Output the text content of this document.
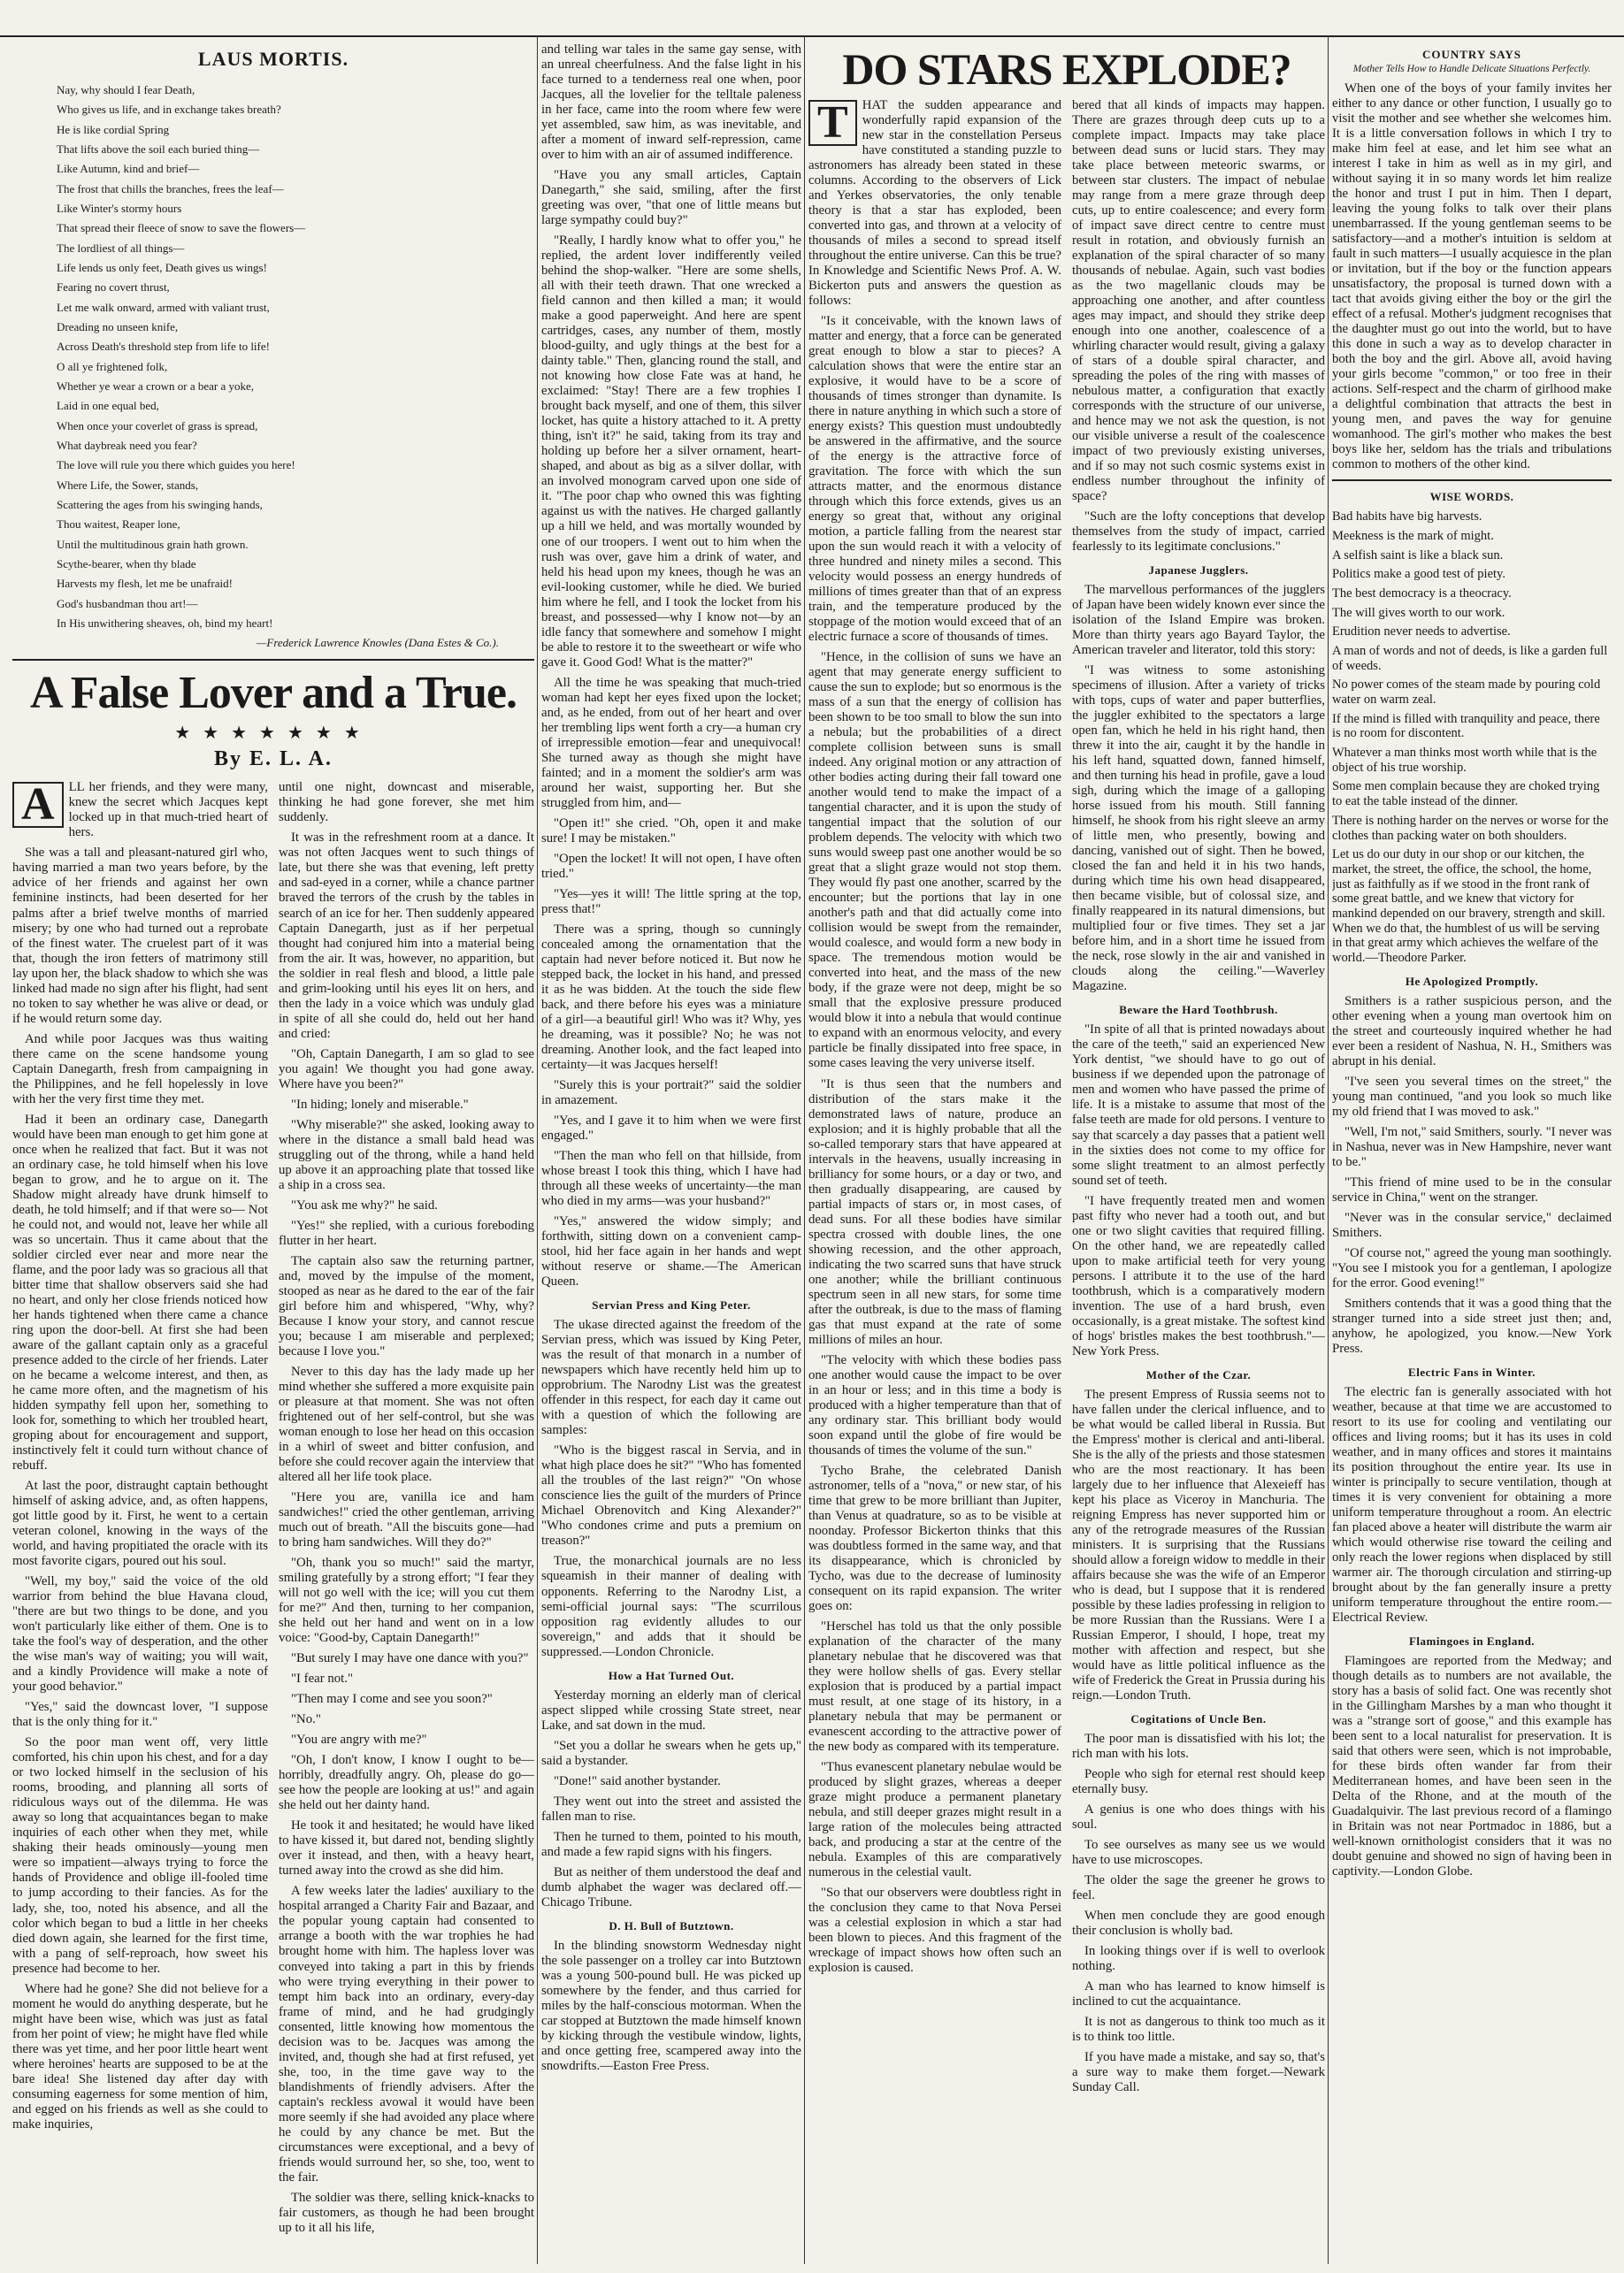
LAUS MORTIS.

Nay, why should I fear Death,

Who gives us life, and in exchange takes breath?

He is like cordial Spring

That lifts above the soil each buried thing—

Like Autumn, kind and brief—

The frost that chills the branches, frees the leaf—

Like Winter's stormy hours

That spread their fleece of snow to save the flowers—

The lordliest of all things—

Life lends us only feet, Death gives us wings!

Fearing no covert thrust,

Let me walk onward, armed with valiant trust,

Dreading no unseen knife,

Across Death's threshold step from life to life!

O all ye frightened folk,

Whether ye wear a crown or a bear a yoke,

Laid in one equal bed,

When once your coverlet of grass is spread,

What daybreak need you fear?

The love will rule you there which guides you here!

Where Life, the Sower, stands,

Scattering the ages from his swinging hands,

Thou waitest, Reaper lone,

Until the multitudinous grain hath grown.

Scythe-bearer, when thy blade

Harvests my flesh, let me be unafraid!

God's husbandman thou art!—

In His unwithering sheaves, oh, bind my heart!

—Frederick Lawrence Knowles (Dana Estes & Co.).
A False Lover and a True.
★★★★★★★
By E. L. A.
A	LL her friends, and they were many, knew the secret which Jacques kept locked up in that much-tried heart of hers.

She was a tall and pleasant-natured girl who, having married a man two years before, by the advice of her friends and against her own feminine instincts, had been deserted for her palms after a brief twelve months of married misery; by one who had turned out a reprobate of the finest water. The cruelest part of it was that, though the iron fetters of matrimony still lay upon her, the black shadow to which she was linked had made no sign after his flight, had sent no token to say whether he was alive or dead, or if he would return some day.

And while poor Jacques was thus waiting there came on the scene handsome young Captain Danegarth, fresh from campaigning in the Philippines, and he fell hopelessly in love with her the very first time they met.

Had it been an ordinary case, Danegarth would have been man enough to get him gone at once when he realized that fact. But it was not an ordinary case, he told himself when his love began to grow, and he to argue on it. The Shadow might already have drunk himself to death, he told himself; and if that were so— Not he could not, and would not, leave her while all was so uncertain. Thus it came about that the soldier circled ever near and more near the flame, and the poor lady was so gracious all that bitter time that shallow observers said she had no heart, and only her close friends noticed how her hands tightened when there came a chance ring upon the door-bell. At first she had been aware of the gallant captain only as a graceful presence added to the circle of her friends. Later on he became a welcome interest, and then, as he came more often, and the magnetism of his hidden sympathy fell upon her, something to look for, something to which her troubled heart, groping about for encouragement and support, instinctively felt it could turn without chance of rebuff.

At last the poor, distraught captain bethought himself of asking advice, and, as often happens, got little good by it. First, he went to a certain veteran colonel, knowing in the ways of the world, and having propitiated the oracle with its most favorite cigars, poured out his soul.

"Well, my boy," said the voice of the old warrior from behind the blue Havana cloud, "there are but two things to be done, and you won't particularly like either of them. One is to take the fool's way of desperation, and the other the wise man's way of waiting; you will wait, and a kindly Providence will make a note of your good behavior."

"Yes," said the downcast lover, "I suppose that is the only thing for it."

So the poor man went off, very little comforted, his chin upon his chest, and for a day or two locked himself in the seclusion of his rooms, brooding, and planning all sorts of ridiculous ways out of the dilemma. He was away so long that acquaintances began to make inquiries of each other when they met, while shaking their heads ominously—young men were so impatient—always trying to force the hands of Providence and oblige ill-fooled time to jump according to their fancies. As for the lady, she, too, noted his absence, and all the color which began to bud a little in her cheeks died down again, she learned for the first time, with a pang of self-reproach, how sweet his presence had become to her.

Where had he gone? She did not believe for a moment he would do anything desperate, but he might have been wise, which was just as fatal from her point of view; he might have fled while there was yet time, and her poor little heart went where heroines' hearts are supposed to be at the bare idea! She listened day after day with consuming eagerness for some mention of him, and egged on his friends as well as she could to make inquiries,

until one night, downcast and miserable, thinking he had gone forever, she met him suddenly.

It was in the refreshment room at a dance. It was not often Jacques went to such things of late, but there she was that evening, left pretty and sad-eyed in a corner, while a chance partner braved the terrors of the crush by the tables in search of an ice for her. Then suddenly appeared Captain Danegarth, just as if her perpetual thought had conjured him into a material being from the air. It was, however, no apparition, but the soldier in real flesh and blood, a little pale and grim-looking until his eyes lit on hers, and then the lady in a voice which was unduly glad in spite of all she could do, held out her hand and cried:

"Oh, Captain Danegarth, I am so glad to see you again! We thought you had gone away. Where have you been?"

"In hiding; lonely and miserable."

"Why miserable?" she asked, looking away to where in the distance a small bald head was struggling out of the throng, while a hand held up above it an approaching plate that tossed like a ship in a cross sea.

"You ask me why?" he said.

"Yes!" she replied, with a curious foreboding flutter in her heart.

The captain also saw the returning partner, and, moved by the impulse of the moment, stooped as near as he dared to the ear of the fair girl before him and whispered, "Why, why? Because I know your story, and cannot rescue you; because I am miserable and perplexed; because I love you."

Never to this day has the lady made up her mind whether she suffered a more exquisite pain or pleasure at that moment. She was not often frightened out of her self-control, but she was woman enough to lose her head on this occasion in a whirl of sweet and bitter confusion, and before she could recover again the interview that altered all her life took place.

"Here you are, vanilla ice and ham sandwiches!" cried the other gentleman, arriving much out of breath. "All the biscuits gone—had to bring ham sandwiches. Will they do?"

"Oh, thank you so much!" said the martyr, smiling gratefully by a strong effort; "I fear they will not go well with the ice; will you cut them for me?" And then, turning to her companion, she held out her hand and went on in a low voice: "Good-by, Captain Danegarth!"

"But surely I may have one dance with you?"

"I fear not."

"Then may I come and see you soon?"

"No."

"You are angry with me?"

"Oh, I don't know, I know I ought to be—horribly, dreadfully angry. Oh, please do go—see how the people are looking at us!" and again she held out her dainty hand.

He took it and hesitated; he would have liked to have kissed it, but dared not, bending slightly over it instead, and then, with a heavy heart, turned away into the crowd as she did him.

A few weeks later the ladies' auxiliary to the hospital arranged a Charity Fair and Bazaar, and the popular young captain had consented to arrange a booth with the war trophies he had brought home with him. The hapless lover was conveyed into taking a part in this by friends who were trying everything in their power to tempt him back into an ordinary, every-day frame of mind, and he had grudgingly consented, little knowing how momentous the decision was to be. Jacques was among the invited, and, though she had at first refused, yet she, too, in the time gave way to the blandishments of friendly advisers. After the captain's reckless avowal it would have been more seemly if she had avoided any place where he could by any chance be met. But the circumstances were exceptional, and a bevy of friends would surround her, so she, too, went to the fair.

The soldier was there, selling knick-knacks to fair customers, as though he had been brought up to it all his life,

and telling war tales in the same gay sense, with an unreal cheerfulness. And the false light in his face turned to a tenderness real one when, poor Jacques, all the lovelier for the telltale paleness in her face, came into the room where few were yet assembled, saw him, as was inevitable, and after a moment of inward self-repression, came over to him with an air of assumed indifference.

"Have you any small articles, Captain Danegarth," she said, smiling, after the first greeting was over, "that one of little means but large sympathy could buy?"

"Really, I hardly know what to offer you," he replied, the ardent lover indifferently veiled behind the shop-walker. "Here are some shells, all with their teeth drawn. That one wrecked a field cannon and then killed a man; it would make a good paperweight. And here are spent cartridges, cases, any number of them, mostly blood-guilty, and ugly things at the best for a dainty table." Then, glancing round the stall, and not knowing how close Fate was at hand, he exclaimed: "Stay! There are a few trophies I brought back myself, and one of them, this silver locket, has quite a history attached to it. A pretty thing, isn't it?" he said, taking from its tray and holding up before her a silver ornament, heart-shaped, and about as big as a silver dollar, with an involved monogram carved upon one side of it. "The poor chap who owned this was fighting against us with the natives. He charged gallantly up a hill we held, and was mortally wounded by one of our troopers. I went out to him when the rush was over, gave him a drink of water, and held his head upon my knees, though he was an evil-looking customer, while he died. We buried him where he fell, and I took the locket from his breast, and possessed—why I know not—by an idle fancy that somewhere and somehow I might be able to restore it to the sweetheart or wife who gave it. Good God! What is the matter?"

All the time he was speaking that much-tried woman had kept her eyes fixed upon the locket; and, as he ended, from out of her heart and over her trembling lips went forth a cry—a human cry of irrepressible emotion—fear and unequivocal! She turned away as though she might have fainted; and in a moment the soldier's arm was around her waist, supporting her. But she struggled from him, and—

"Open it!" she cried. "Oh, open it and make sure! I may be mistaken."

"Open the locket! It will not open, I have often tried."

"Yes—yes it will! The little spring at the top, press that!"

There was a spring, though so cunningly concealed among the ornamentation that the captain had never before noticed it. But now he stepped back, the locket in his hand, and pressed it as he was bidden. At the touch the side flew back, and there before his eyes was a miniature of a girl—a beautiful girl! Who was it? Why, yes he dreaming, was it possible? No; he was not dreaming. Another look, and the fact leaped into certainty—it was Jacques herself!

"Surely this is your portrait?" said the soldier in amazement.

"Yes, and I gave it to him when we were first engaged."

"Then the man who fell on that hillside, from whose breast I took this thing, which I have had through all these weeks of uncertainty—the man who died in my arms—was your husband?"

"Yes," answered the widow simply; and forthwith, sitting down on a convenient camp-stool, hid her face again in her hands and wept without reserve or shame.—The American Queen.

Servian Press and King Peter.

The ukase directed against the freedom of the Servian press, which was issued by King Peter, was the result of that monarch in a number of newspapers which have recently held him up to opprobrium. The Narodny List was the greatest offender in this respect, for each day it came out with a question of which the following are samples:

"Who is the biggest rascal in Servia, and in what high place does he sit?" "Who has fomented all the troubles of the last reign?" "On whose conscience lies the guilt of the murders of Prince Michael Obrenovitch and King Alexander?" "Who condones crime and puts a premium on treason?"

True, the monarchical journals are no less squeamish in their manner of dealing with opponents. Referring to the Narodny List, a semi-official journal says: "The scurrilous opposition rag evidently alludes to our sovereign," and adds that it should be suppressed.—London Chronicle.

How a Hat Turned Out.

Yesterday morning an elderly man of clerical aspect slipped while crossing State street, near Lake, and sat down in the mud.

"Set you a dollar he swears when he gets up," said a bystander.

"Done!" said another bystander.

They went out into the street and assisted the fallen man to rise.

Then he turned to them, pointed to his mouth, and made a few rapid signs with his fingers.

But as neither of them understood the deaf and dumb alphabet the wager was declared off.—Chicago Tribune.

D. H. Bull of Butztown.

In the blinding snowstorm Wednesday night the sole passenger on a trolley car into Butztown was a young 500-pound bull. He was picked up somewhere by the fender, and thus carried for miles by the half-conscious motorman. When the car stopped at Butztown the made himself known by kicking through the vestibule window, lights, and once getting free, scampered away into the snowdrifts.—Easton Free Press.

DO STARS EXPLODE?
T	HAT the sudden appearance and wonderfully rapid expansion of the new star in the constellation Perseus have constituted a standing puzzle to astronomers has already been stated in these columns. According to the observers of Lick and Yerkes observatories, the only tenable theory is that a star has exploded, been converted into gas, and thrown at a velocity of thousands of miles a second to spread itself throughout the entire universe. Can this be true? In Knowledge and Scientific News Prof. A. W. Bickerton puts and answers the question as follows:

"Is it conceivable, with the known laws of matter and energy, that a force can be generated great enough to blow a star to pieces? A calculation shows that were the entire star an explosive, it would have to be a score of thousands of times stronger than dynamite. Is there in nature anything in which such a store of energy exists? This question must undoubtedly be answered in the affirmative, and the source of the energy is the attractive force of gravitation. The force with which the sun attracts matter, and the enormous distance through which this force extends, gives us an energy so great that, without any original motion, a particle falling from the nearest star upon the sun would reach it with a velocity of three hundred and ninety miles a second. This velocity would possess an energy hundreds of millions of times greater than that of an express train, and the temperature produced by the stoppage of the motion would exceed that of an electric furnace a score of thousands of times.

"Hence, in the collision of suns we have an agent that may generate energy sufficient to cause the sun to explode; but so enormous is the mass of a sun that the energy of collision has been shown to be too small to blow the sun into a nebula; but the probabilities of a direct complete collision between suns is small indeed. Any original motion or any attraction of other bodies acting during their fall toward one another would tend to make the impact of a tangential character, and it is upon the study of tangential impact that the solution of our problem depends. The velocity with which two suns would sweep past one another would be so great that a slight graze would not stop them. They would fly past one another, scarred by the encounter; but the portions that lay in one another's path and that did actually come into collision would be swept from the remainder, would coalesce, and would form a new body in space. The tremendous motion would be converted into heat, and the mass of the new body, if the graze were not deep, might be so small that the explosive pressure produced would blow it into a nebula that would continue to expand with an enormous velocity, and every particle be finally dissipated into free space, in some cases leaving the very universe itself.

"It is thus seen that the numbers and distribution of the stars make it the demonstrated laws of nature, produce an explosion; and it is highly probable that all the so-called temporary stars that have appeared at intervals in the heavens, usually increasing in brilliancy for some hours, or a day or two, and then gradually disappearing, are caused by partial impacts of stars or, in most cases, of dead suns. For all these bodies have similar spectra crossed with double lines, the one showing recession, and the other approach, indicating the two scarred suns that have struck one another; while the brilliant continuous spectrum seen in all new stars, for some time after the outbreak, is due to the mass of flaming gas that must expand at the rate of some millions of miles an hour.

"The velocity with which these bodies pass one another would cause the impact to be over in an hour or less; and in this time a body is produced with a higher temperature than that of any ordinary star. This brilliant body would soon expand until the globe of fire would be thousands of times the volume of the sun."

Tycho Brahe, the celebrated Danish astronomer, tells of a "nova," or new star, of his time that grew to be more brilliant than Jupiter, than Venus at quadrature, so as to be visible at noonday. Professor Bickerton thinks that this was doubtless formed in the same way, and that its disappearance, which is chronicled by Tycho, was due to the decrease of luminosity consequent on its rapid expansion. The writer goes on:

"Herschel has told us that the only possible explanation of the character of the many planetary nebulae that he discovered was that they were hollow shells of gas. Every stellar explosion that is produced by a partial impact must result, at one stage of its history, in a planetary nebula that may be permanent or evanescent according to the attractive power of the new body as compared with its temperature.

"Thus evanescent planetary nebulae would be produced by slight grazes, whereas a deeper graze might produce a permanent planetary nebula, and still deeper grazes might result in a large ration of the molecules being attracted back, and producing a star at the centre of the nebula. Examples of this are comparatively numerous in the celestial vault.

"So that our observers were doubtless right in the conclusion they came to that Nova Persei was a celestial explosion in which a star had been blown to pieces. And this fragment of the wreckage of impact shows how often such an explosion is caused.

bered that all kinds of impacts may happen. There are grazes through deep cuts up to a complete impact. Impacts may take place between dead suns or lucid stars. They may take place between meteoric swarms, or between star clusters. The impact of nebulae may range from a mere graze through deep cuts, up to entire coalescence; and every form of impact save direct centre to centre must result in rotation, and obviously furnish an explanation of the spiral character of so many thousands of nebulae. Again, such vast bodies as the two magellanic clouds may be approaching one another, and after countless ages may impact, and should they strike deep enough into one another, coalescence of a whirling character would result, giving a galaxy of stars of a double spiral character, and spreading the poles of the ring with masses of nebulous matter, a configuration that exactly corresponds with the structure of our universe, and hence may we not ask the question, is not our visible universe a result of the coalescence impact of two previously existing universes, and if so may not such cosmic systems exist in endless number throughout the infinity of space?

"Such are the lofty conceptions that develop themselves from the study of impact, carried fearlessly to its legitimate conclusions."

Japanese Jugglers.

The marvellous performances of the jugglers of Japan have been widely known ever since the isolation of the Island Empire was broken. More than thirty years ago Bayard Taylor, the American traveler and literator, told this story:

"I was witness to some astonishing specimens of illusion. After a variety of tricks with tops, cups of water and paper butterflies, the juggler exhibited to the spectators a large open fan, which he held in his right hand, then threw it into the air, caught it by the handle in his left hand, squatted down, fanned himself, and then turning his head in profile, gave a loud sigh, during which the image of a galloping horse issued from his mouth. Still fanning himself, he shook from his right sleeve an army of little men, who presently, bowing and dancing, vanished out of sight. Then he bowed, closed the fan and held it in his two hands, during which time his own head disappeared, then became visible, but of colossal size, and finally reappeared in its natural dimensions, but multiplied four or five times. They set a jar before him, and in a short time he issued from the neck, rose slowly in the air and vanished in clouds along the ceiling."—Waverley Magazine.

Beware the Hard Toothbrush.

"In spite of all that is printed nowadays about the care of the teeth," said an experienced New York dentist, "we should have to go out of business if we depended upon the patronage of men and women who have passed the prime of life. It is a mistake to assume that most of the false teeth are made for old persons. I venture to say that scarcely a day passes that a patient well in the sixties does not come to my office for some slight treatment to an almost perfectly sound set of teeth.

"I have frequently treated men and women past fifty who never had a tooth out, and but one or two slight cavities that required filling. On the other hand, we are repeatedly called upon to make artificial teeth for very young persons. I attribute it to the use of the hard toothbrush, which is a comparatively modern invention. The use of a hard brush, even occasionally, is a great mistake. The softest kind of hogs' bristles makes the best toothbrush."—New York Press.

Mother of the Czar.

The present Empress of Russia seems not to have fallen under the clerical influence, and to be what would be called liberal in Russia. But the Empress' mother is clerical and anti-liberal. She is the ally of the priests and those statesmen who are the most reactionary. It has been largely due to her influence that Alexeieff has kept his place as Viceroy in Manchuria. The reigning Empress has never supported him or any of the retrograde measures of the Russian ministers. It is surprising that the Russians should allow a foreign widow to meddle in their affairs because she was the wife of an Emperor who is dead, but I suppose that it is rendered possible by these ladies professing in religion to be more Russian than the Russians. Were I a Russian Emperor, I should, I hope, treat my mother with affection and respect, but she would have as little political influence as the wife of Frederick the Great in Prussia during his reign.—London Truth.

Cogitations of Uncle Ben.

The poor man is dissatisfied with his lot; the rich man with his lots.

People who sigh for eternal rest should keep eternally busy.

A genius is one who does things with his soul.

To see ourselves as many see us we would have to use microscopes.

The older the sage the greener he grows to feel.

When men conclude they are good enough their conclusion is wholly bad.

In looking things over if is well to overlook nothing.

A man who has learned to know himself is inclined to cut the acquaintance.

It is not as dangerous to think too much as it is to think too little.

If you have made a mistake, and say so, that's a sure way to make them forget.—Newark Sunday Call.

COUNTRY SAYS
Mother Tells How to Handle Delicate Situations Perfectly.

When one of the boys of your family invites her either to any dance or other function, I usually go to visit the mother and see whether she welcomes him. It is a little conversation follows in which I try to make him feel at ease, and let him see what an interest I take in him as well as in my girl, and without saying it in so many words let him realize the honor and trust I put in him. Then I depart, leaving the young folks to talk over their plans unembarrassed. If the young gentleman seems to be satisfactory—and a mother's intuition is seldom at fault in such matters—I usually acquiesce in the plan or invitation, but if the boy or the function appears unsatisfactory, the proposal is turned down with a tact that avoids giving either the boy or the girl the effect of a refusal. Mother's judgment recognises that the daughter must go out into the world, but to have this done in such a way as to develop character in both the boy and the girl. Above all, avoid having your girls become "common," or too free in their actions. Self-respect and the charm of girlhood make a delightful combination that attracts the best in young men, and paves the way for genuine womanhood. The girl's mother who makes the best boys like her, seldom has the trials and tribulations common to mothers of the other kind.

WISE WORDS.

Bad habits have big harvests.

Meekness is the mark of might.

A selfish saint is like a black sun.

Politics make a good test of piety.

The best democracy is a theocracy.

The will gives worth to our work.

Erudition never needs to advertise.

A man of words and not of deeds, is like a garden full of weeds.

No power comes of the steam made by pouring cold water on warm zeal.

If the mind is filled with tranquility and peace, there is no room for discontent.

Whatever a man thinks most worth while that is the object of his true worship.

Some men complain because they are choked trying to eat the table instead of the dinner.

There is nothing harder on the nerves or worse for the clothes than packing water on both shoulders.

Let us do our duty in our shop or our kitchen, the market, the street, the office, the school, the home, just as faithfully as if we stood in the front rank of some great battle, and we knew that victory for mankind depended on our bravery, strength and skill. When we do that, the humblest of us will be serving in that great army which achieves the welfare of the world.—Theodore Parker.

He Apologized Promptly.

Smithers is a rather suspicious person, and the other evening when a young man overtook him on the street and courteously inquired whether he had ever been a resident of Nashua, N. H., Smithers was abrupt in his denial.

"I've seen you several times on the street," the young man continued, "and you look so much like my old friend that I was moved to ask."

"Well, I'm not," said Smithers, sourly. "I never was in Nashua, never was in New Hampshire, never want to be."

"This friend of mine used to be in the consular service in China," went on the stranger.

"Never was in the consular service," declaimed Smithers.

"Of course not," agreed the young man soothingly. "You see I mistook you for a gentleman, I apologize for the error. Good evening!"

Smithers contends that it was a good thing that the stranger turned into a side street just then; and, anyhow, he apologized, you know.—New York Press.

Electric Fans in Winter.

The electric fan is generally associated with hot weather, because at that time we are accustomed to resort to its use for cooling and ventilating our offices and living rooms; but it has its uses in cold weather, and in many offices and stores it maintains its position throughout the entire year. Its use in winter is principally to secure ventilation, though at times it is very convenient for obtaining a more uniform temperature throughout a room. An electric fan placed above a heater will distribute the warm air which would otherwise rise toward the ceiling and only reach the lower regions when displaced by still warmer air. The thorough circulation and stirring-up brought about by the fan generally insure a pretty uniform temperature throughout the entire room.—Electrical Review.

Flamingoes in England.

Flamingoes are reported from the Medway; and though details as to numbers are not available, the story has a basis of solid fact. One was recently shot in the Gillingham Marshes by a man who thought it was a "strange sort of goose," and this example has been sent to a local naturalist for preservation. It is said that others were seen, which is not improbable, for these birds often wander far from their Mediterranean homes, and have been seen in the Delta of the Rhone, and at the mouth of the Guadalquivir. The last previous record of a flamingo in Britain was not near Portmadoc in 1886, but a well-known ornithologist considers that it was no doubt genuine and showed no sign of having been in captivity.—London Globe.
